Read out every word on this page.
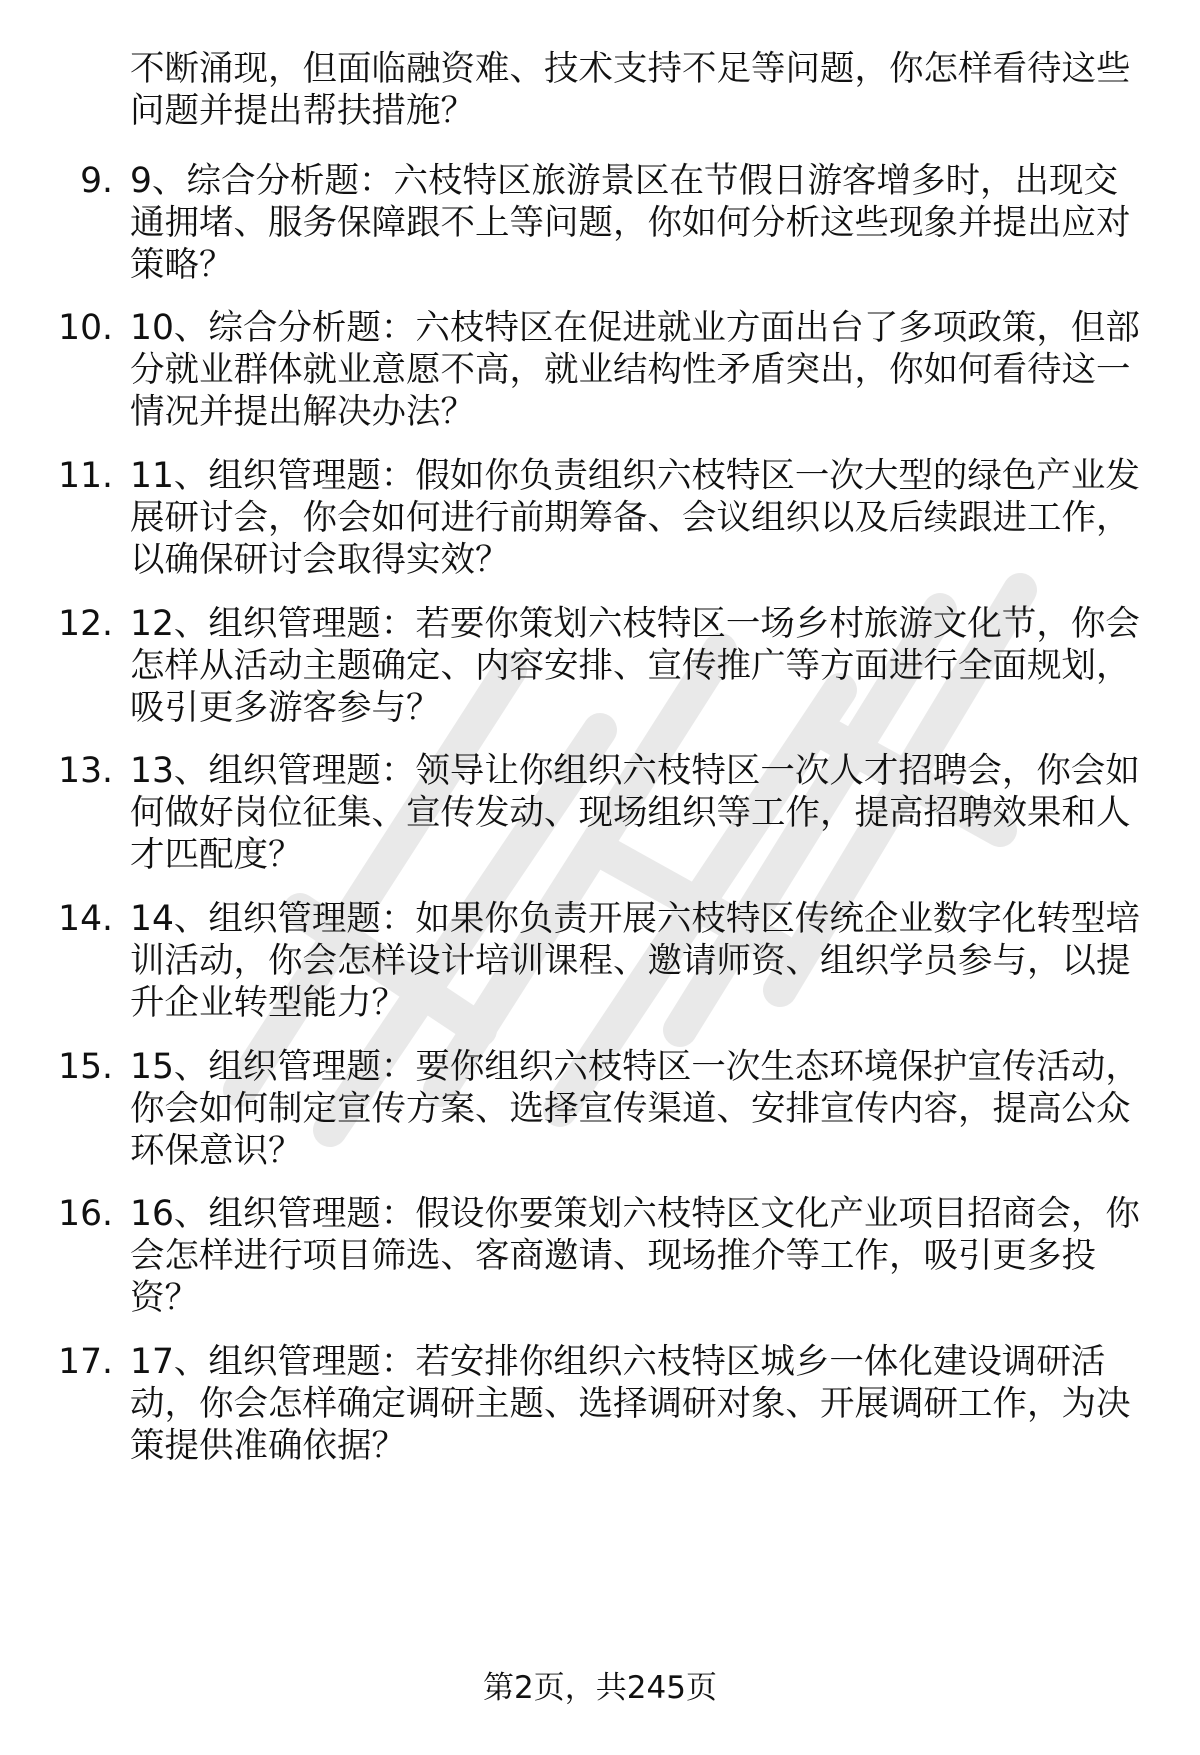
不断涌现，但面临融资难、技术支持不足等问题，你怎样看待这些问题并提出帮扶措施？
9. 9、综合分析题：六枝特区旅游景区在节假日游客增多时，出现交通拥堵、服务保障跟不上等问题，你如何分析这些现象并提出应对策略？
10. 10、综合分析题：六枝特区在促进就业方面出台了多项政策，但部分就业群体就业意愿不高，就业结构性矛盾突出，你如何看待这一情况并提出解决办法？
11. 11、组织管理题：假如你负责组织六枝特区一次大型的绿色产业发展研讨会，你会如何进行前期筹备、会议组织以及后续跟进工作，以确保研讨会取得实效？
12. 12、组织管理题：若要你策划六枝特区一场乡村旅游文化节，你会怎样从活动主题确定、内容安排、宣传推广等方面进行全面规划，吸引更多游客参与？
13. 13、组织管理题：领导让你组织六枝特区一次人才招聘会，你会如何做好岗位征集、宣传发动、现场组织等工作，提高招聘效果和人才匹配度？
14. 14、组织管理题：如果你负责开展六枝特区传统企业数字化转型培训活动，你会怎样设计培训课程、邀请师资、组织学员参与，以提升企业转型能力？
15. 15、组织管理题：要你组织六枝特区一次生态环境保护宣传活动，你会如何制定宣传方案、选择宣传渠道、安排宣传内容，提高公众环保意识？
16. 16、组织管理题：假设你要策划六枝特区文化产业项目招商会，你会怎样进行项目筛选、客商邀请、现场推介等工作，吸引更多投资？
17. 17、组织管理题：若安排你组织六枝特区城乡一体化建设调研活动，你会怎样确定调研主题、选择调研对象、开展调研工作，为决策提供准确依据？
第2页，共245页
